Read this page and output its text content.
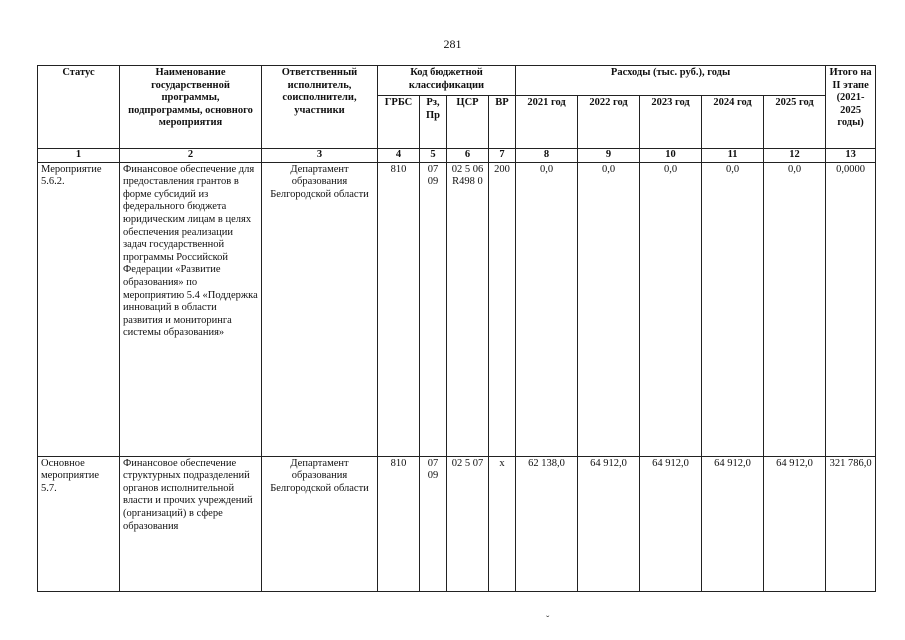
281
Статус	Наименование государственной программы, подпрограммы, основного мероприятия	Ответственный исполнитель, соисполнители, участники	Код бюджетной классификации				Расходы (тыс. руб.), годы					Итого на II этапе (2021-2025 годы)
			ГРБС	Рз, Пр	ЦСР	ВР	2021 год	2022 год	2023 год	2024 год	2025 год	
1	2	3	4	5	6	7	8	9	10	11	12	13
Мероприятие 5.6.2.	Финансовое обеспечение для предоставления грантов в форме субсидий из федерального бюджета юридическим лицам в целях обеспечения реализации задач государственной программы Российской Федерации «Развитие образования» по мероприятию 5.4 «Поддержка инноваций в области развития и мониторинга системы образования»	Департамент образования Белгородской области	810	07 09	02 5 06 R498 0	200	0,0	0,0	0,0	0,0	0,0	0,0000
Основное мероприятие 5.7.	Финансовое обеспечение структурных подразделений органов исполнительной власти и прочих учреждений (организаций) в сфере образования	Департамент образования Белгородской области	810	07 09	02 5 07	х	62 138,0	64 912,0	64 912,0	64 912,0	64 912,0	321 786,0
ˇ
